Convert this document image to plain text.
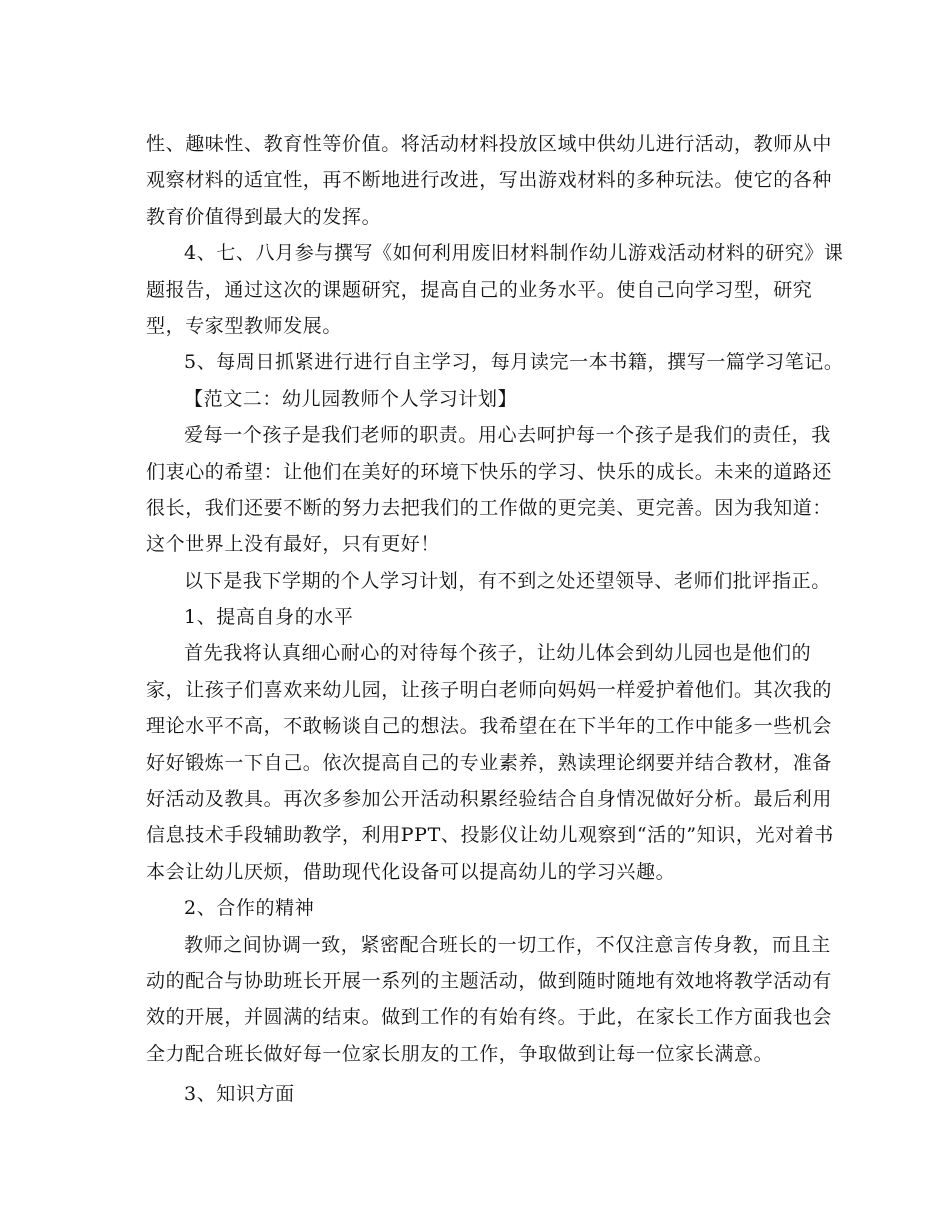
性、趣味性、教育性等价值。将活动材料投放区域中供幼儿进行活动，教师从中
观察材料的适宜性，再不断地进行改进，写出游戏材料的多种玩法。使它的各种
教育价值得到最大的发挥。
4、七、八月参与撰写《如何利用废旧材料制作幼儿游戏活动材料的研究》课
题报告，通过这次的课题研究，提高自己的业务水平。使自己向学习型，研究
型，专家型教师发展。
5、每周日抓紧进行进行自主学习，每月读完一本书籍，撰写一篇学习笔记。
【范文二：幼儿园教师个人学习计划】
爱每一个孩子是我们老师的职责。用心去呵护每一个孩子是我们的责任，我
们衷心的希望：让他们在美好的环境下快乐的学习、快乐的成长。未来的道路还
很长，我们还要不断的努力去把我们的工作做的更完美、更完善。因为我知道：
这个世界上没有最好，只有更好！
以下是我下学期的个人学习计划，有不到之处还望领导、老师们批评指正。
1、提高自身的水平
首先我将认真细心耐心的对待每个孩子，让幼儿体会到幼儿园也是他们的
家，让孩子们喜欢来幼儿园，让孩子明白老师向妈妈一样爱护着他们。其次我的
理论水平不高，不敢畅谈自己的想法。我希望在在下半年的工作中能多一些机会
好好锻炼一下自己。依次提高自己的专业素养，熟读理论纲要并结合教材，准备
好活动及教具。再次多参加公开活动积累经验结合自身情况做好分析。最后利用
信息技术手段辅助教学，利用PPT、投影仪让幼儿观察到“活的”知识，光对着书
本会让幼儿厌烦，借助现代化设备可以提高幼儿的学习兴趣。
2、合作的精神
教师之间协调一致，紧密配合班长的一切工作，不仅注意言传身教，而且主
动的配合与协助班长开展一系列的主题活动，做到随时随地有效地将教学活动有
效的开展，并圆满的结束。做到工作的有始有终。于此，在家长工作方面我也会
全力配合班长做好每一位家长朋友的工作，争取做到让每一位家长满意。
3、知识方面
